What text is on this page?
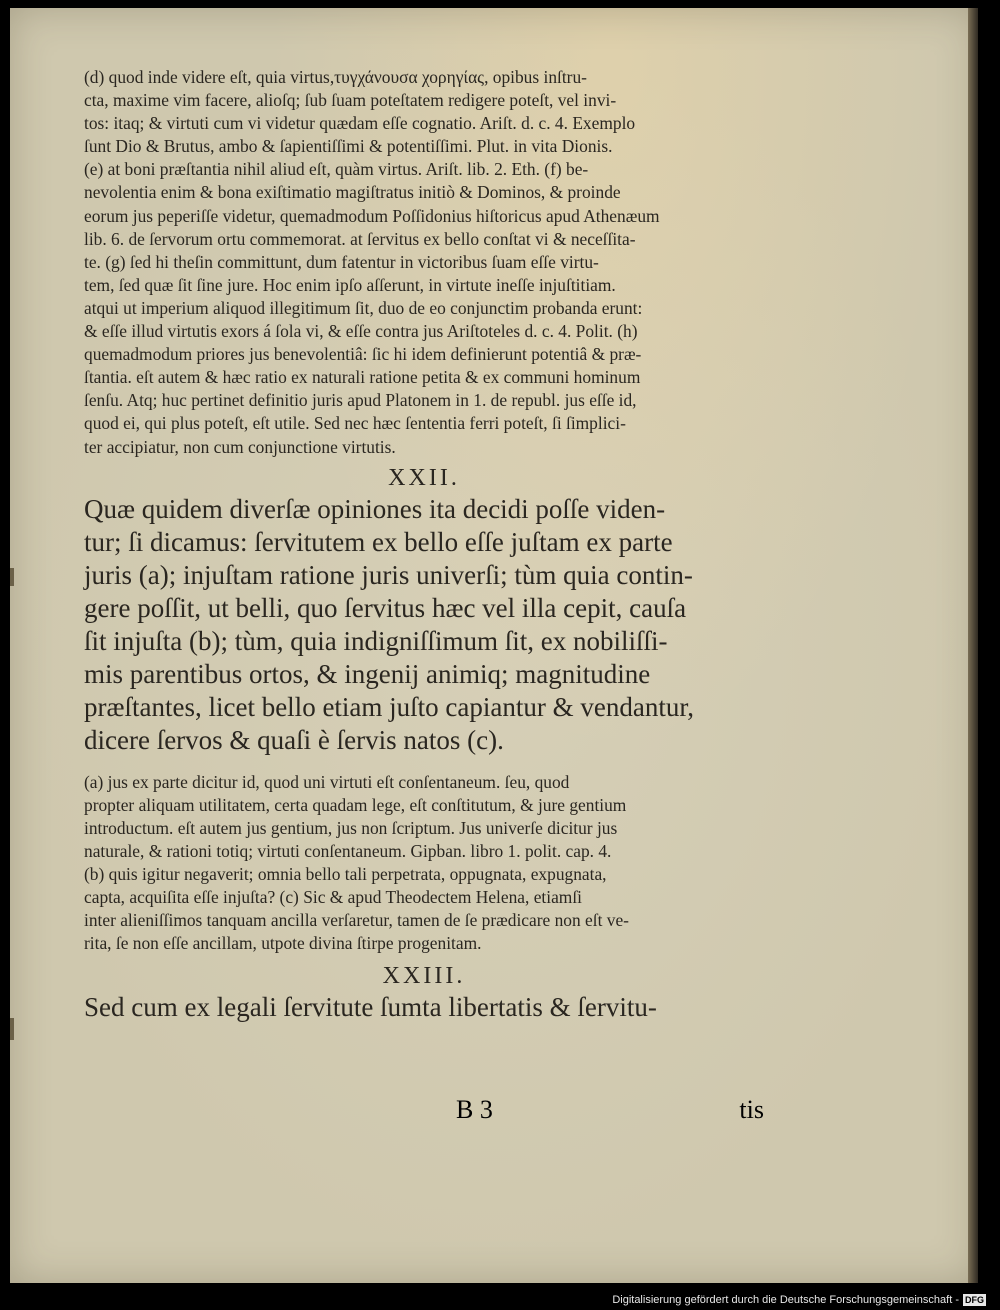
(d) quod inde videre eſt, quia virtus,τυγχάνουσα χορηγίας, opibus inſtru-
cta, maxime vim facere, alioſq; ſub ſuam poteſtatem redigere poteſt, vel invi-
tos: itaq; & virtuti cum vi videtur quædam eſſe cognatio. Ariſt. d. c. 4. Exemplo
ſunt Dio & Brutus, ambo & ſapientiſſimi & potentiſſimi. Plut. in vita Dionis.
(e) at boni præſtantia nihil aliud eſt, quàm virtus. Ariſt. lib. 2. Eth. (f) be-
nevolentia enim & bona exiſtimatio magiſtratus initiò & Dominos, & proinde
eorum jus peperiſſe videtur, quemadmodum Poſſidonius hiſtoricus apud Athenæum
lib. 6. de ſervorum ortu commemorat. at ſervitus ex bello conſtat vi & neceſſita-
te. (g) ſed hi theſin committunt, dum fatentur in victoribus ſuam eſſe virtu-
tem, ſed quæ ſit ſine jure. Hoc enim ipſo aſſerunt, in virtute ineſſe injuſtitiam.
atqui ut imperium aliquod illegitimum ſit, duo de eo conjunctim probanda erunt:
& eſſe illud virtutis exors á ſola vi, & eſſe contra jus Ariſtoteles d. c. 4. Polit. (h)
quemadmodum priores jus benevolentiâ: ſic hi idem definierunt potentiâ & præ-
ſtantia. eſt autem & hæc ratio ex naturali ratione petita & ex communi hominum
ſenſu. Atq; huc pertinet definitio juris apud Platonem in 1. de republ. jus eſſe id,
quod ei, qui plus poteſt, eſt utile. Sed nec hæc ſententia ferri poteſt, ſi ſimplici-
ter accipiatur, non cum conjunctione virtutis.

XXII.

Quæ quidem diverſæ opiniones ita decidi poſſe viden-
tur; ſi dicamus: ſervitutem ex bello eſſe juſtam ex parte
juris (a); injuſtam ratione juris univerſi; tùm quia contin-
gere poſſit, ut belli, quo ſervitus hæc vel illa cepit, cauſa
ſit injuſta (b); tùm, quia indigniſſimum ſit, ex nobiliſſi-
mis parentibus ortos, & ingenij animiq; magnitudine
præſtantes, licet bello etiam juſto capiantur & vendantur,
dicere ſervos & quaſi è ſervis natos (c).

(a) jus ex parte dicitur id, quod uni virtuti eſt conſentaneum. ſeu, quod
propter aliquam utilitatem, certa quadam lege, eſt conſtitutum, & jure gentium
introductum. eſt autem jus gentium, jus non ſcriptum. Jus univerſe dicitur jus
naturale, & rationi totiq; virtuti conſentaneum. Gipban. libro 1. polit. cap. 4.
(b) quis igitur negaverit; omnia bello tali perpetrata, oppugnata, expugnata,
capta, acquiſita eſſe injuſta? (c) Sic & apud Theodectem Helena, etiamſi
inter alieniſſimos tanquam ancilla verſaretur, tamen de ſe prædicare non eſt ve-
rita, ſe non eſſe ancillam, utpote divina ſtirpe progenitam.

XXIII.

Sed cum ex legali ſervitute ſumta libertatis & ſervitu-

B 3	tis
Digitalisierung gefördert durch die Deutsche Forschungsgemeinschaft - DFG
